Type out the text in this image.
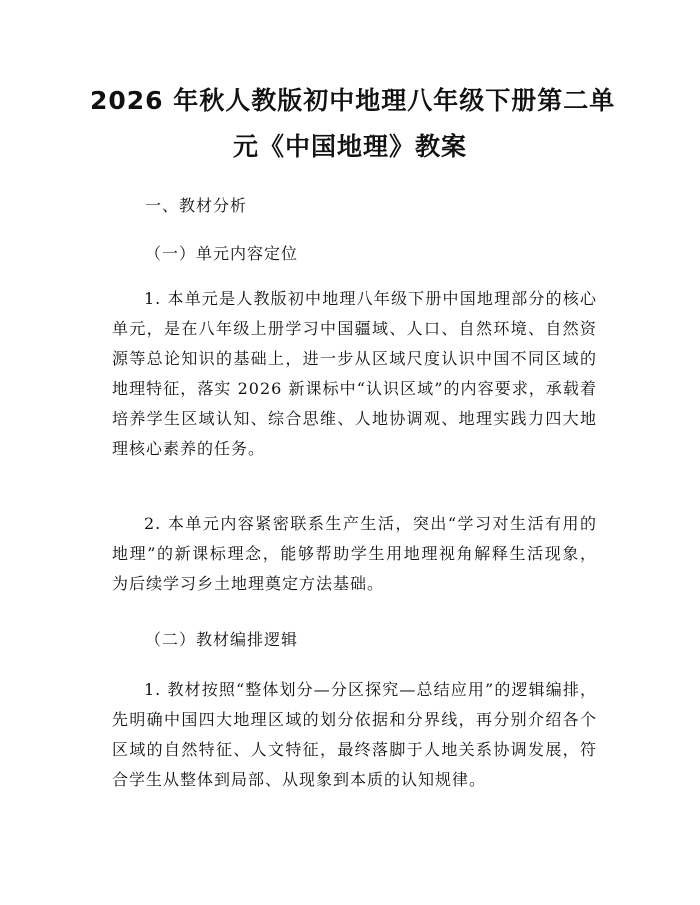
2026 年秋人教版初中地理八年级下册第二单
元《中国地理》教案
一、教材分析
（一）单元内容定位
1. 本单元是人教版初中地理八年级下册中国地理部分的核心单元，是在八年级上册学习中国疆域、人口、自然环境、自然资源等总论知识的基础上，进一步从区域尺度认识中国不同区域的地理特征，落实 2026 新课标中“认识区域”的内容要求，承载着培养学生区域认知、综合思维、人地协调观、地理实践力四大地理核心素养的任务。
2. 本单元内容紧密联系生产生活，突出“学习对生活有用的地理”的新课标理念，能够帮助学生用地理视角解释生活现象，为后续学习乡土地理奠定方法基础。
（二）教材编排逻辑
1. 教材按照“整体划分—分区探究—总结应用”的逻辑编排，先明确中国四大地理区域的划分依据和分界线，再分别介绍各个区域的自然特征、人文特征，最终落脚于人地关系协调发展，符合学生从整体到局部、从现象到本质的认知规律。
